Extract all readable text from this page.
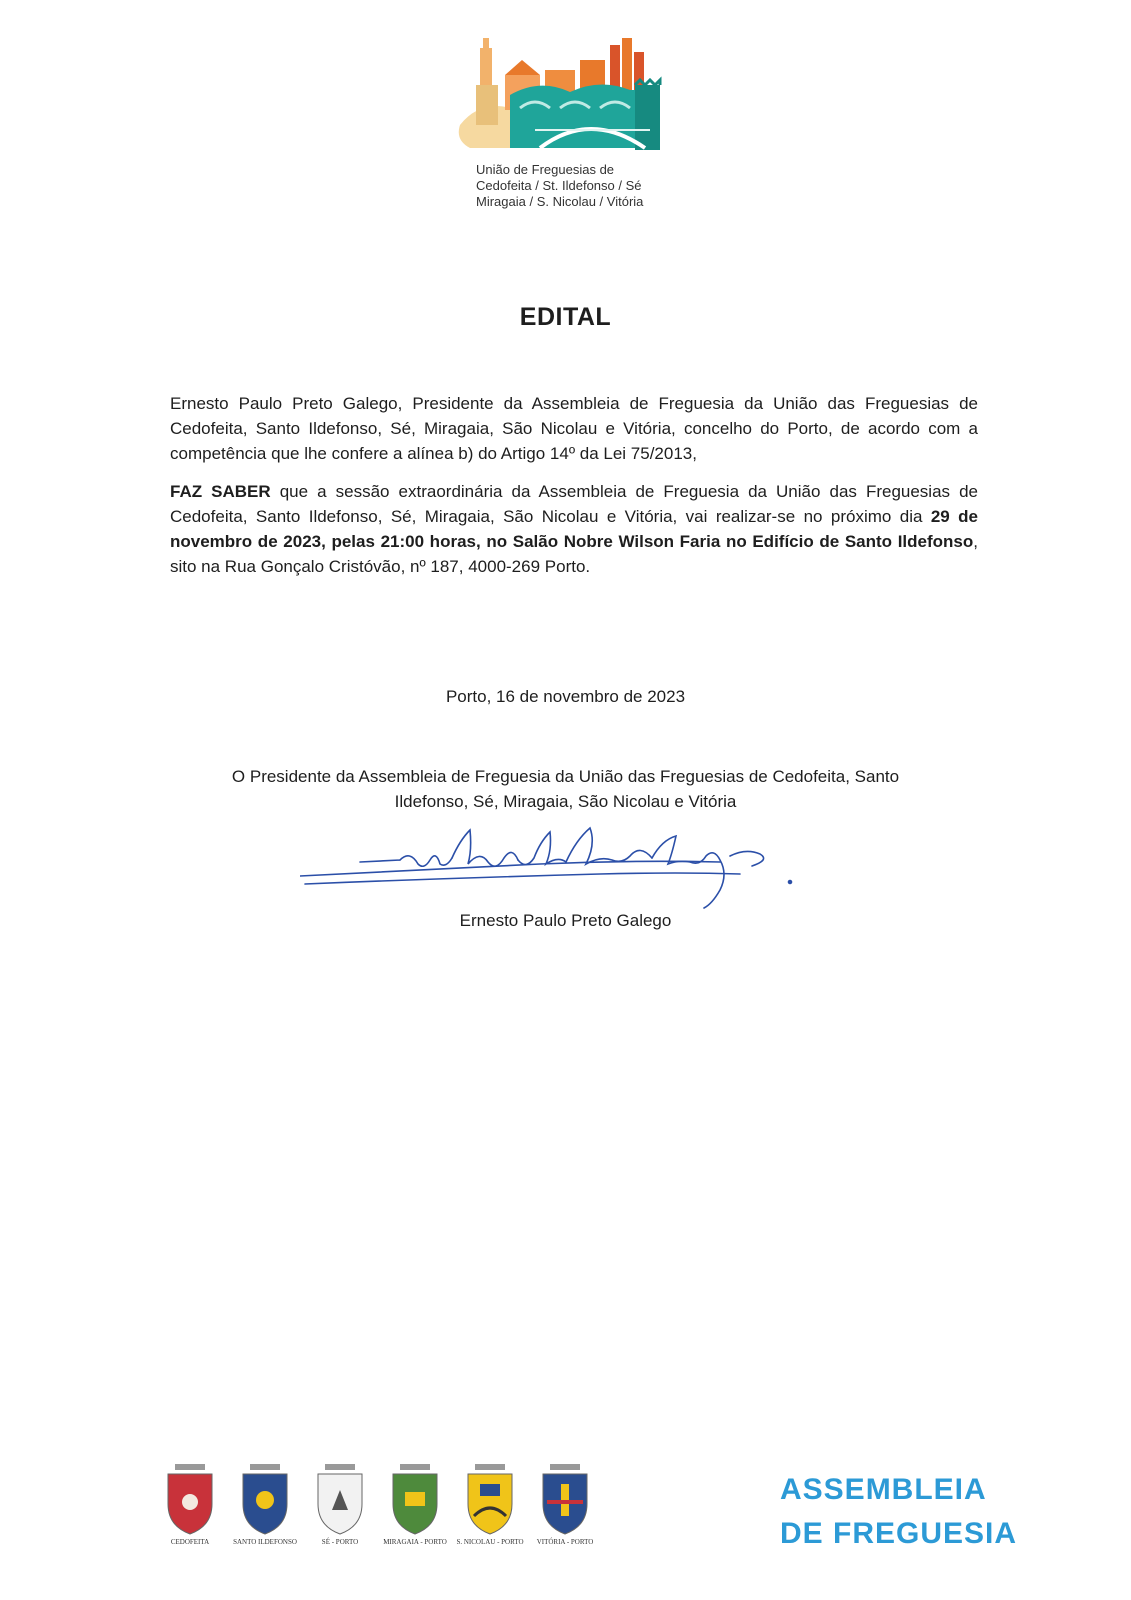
União de Freguesias de
Cedofeita / St. Ildefonso / Sé
Miragaia / S. Nicolau / Vitória
EDITAL

Ernesto Paulo Preto Galego, Presidente da Assembleia de Freguesia da União das Freguesias de Cedofeita, Santo Ildefonso, Sé, Miragaia, São Nicolau e Vitória, concelho do Porto, de acordo com a competência que lhe confere a alínea b) do Artigo 14º da Lei 75/2013,

FAZ SABER que a sessão extraordinária da Assembleia de Freguesia da União das Freguesias de Cedofeita, Santo Ildefonso, Sé, Miragaia, São Nicolau e Vitória, vai realizar-se no próximo dia 29 de novembro de 2023, pelas 21:00 horas, no Salão Nobre Wilson Faria no Edifício de Santo Ildefonso, sito na Rua Gonçalo Cristóvão, nº 187, 4000-269 Porto.

Porto, 16 de novembro de 2023
O Presidente da Assembleia de Freguesia da União das Freguesias de Cedofeita, Santo
Ildefonso, Sé, Miragaia, São Nicolau e Vitória
Ernesto Paulo Preto Galego
CEDOFEITA	SANTO ILDEFONSO	SÉ - PORTO	MIRAGAIA - PORTO	S. NICOLAU - PORTO	VITÓRIA - PORTO
ASSEMBLEIA
DE FREGUESIA
